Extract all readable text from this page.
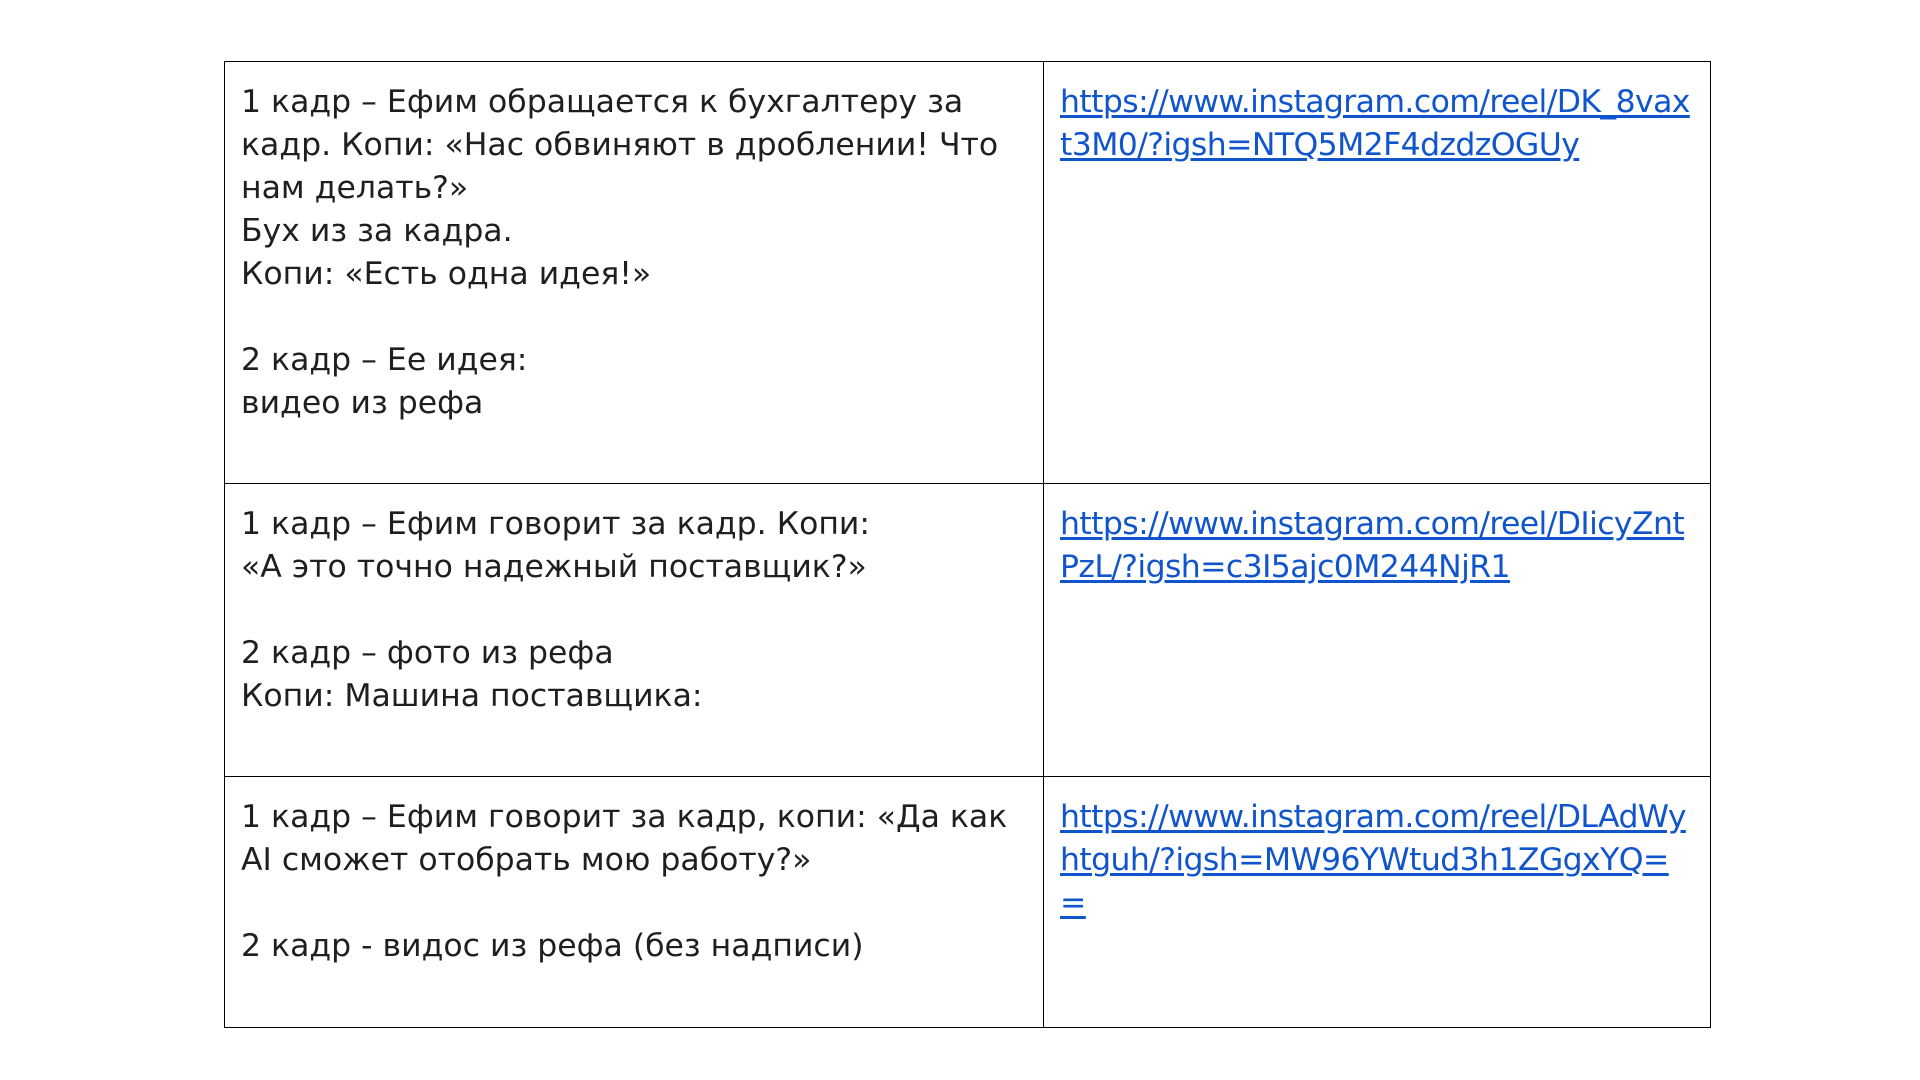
1 кадр – Ефим обращается к бухгалтеру за кадр. Копи: «Нас обвиняют в дроблении! Что нам делать?»
Бух из за кадра.
Копи: «Есть одна идея!»
2 кадр – Ее идея:
видео из рефа	https://www.instagram.com/reel/DK_8vaxt3M0/?igsh=NTQ5M2F4dzdzOGUy

1 кадр – Ефим говорит за кадр. Копи:
«А это точно надежный поставщик?»
2 кадр – фото из рефа
Копи: Машина поставщика:	https://www.instagram.com/reel/DIicyZntPzL/?igsh=c3I5ajc0M244NjR1

1 кадр – Ефим говорит за кадр, копи: «Да как AI сможет отобрать мою работу?»
2 кадр - видос из рефа (без надписи)	https://www.instagram.com/reel/DLAdWyhtguh/?igsh=MW96YWtud3h1ZGgxYQ==
